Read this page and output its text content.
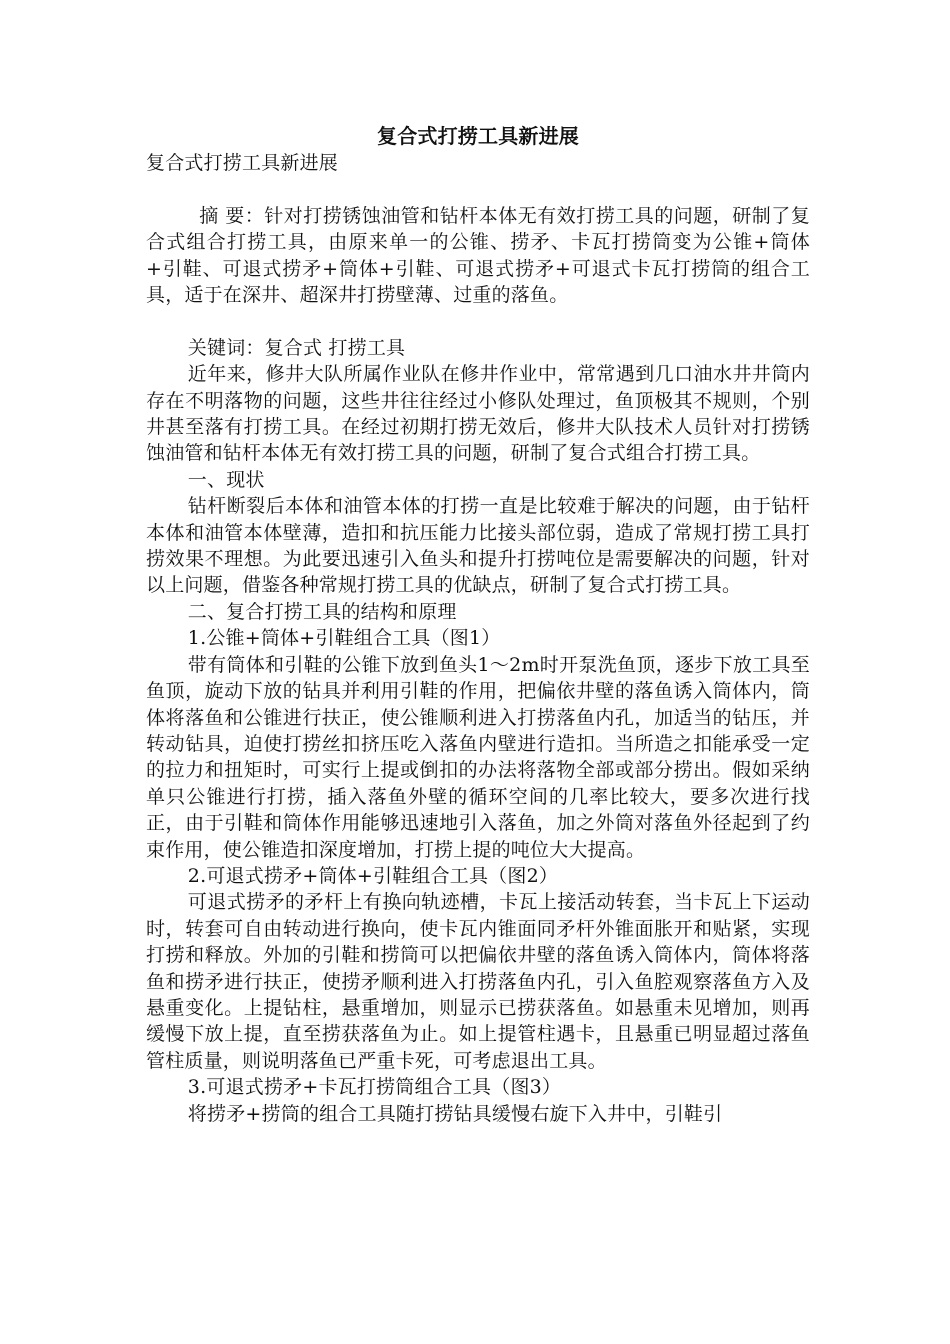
复合式打捞工具新进展

复合式打捞工具新进展

摘 要：针对打捞锈蚀油管和钻杆本体无有效打捞工具的问题，研制了复合式组合打捞工具，由原来单一的公锥、捞矛、卡瓦打捞筒变为公锥+筒体+引鞋、可退式捞矛+筒体+引鞋、可退式捞矛+可退式卡瓦打捞筒的组合工具，适于在深井、超深井打捞壁薄、过重的落鱼。

关键词：复合式 打捞工具

近年来，修井大队所属作业队在修井作业中，常常遇到几口油水井井筒内存在不明落物的问题，这些井往往经过小修队处理过，鱼顶极其不规则，个别井甚至落有打捞工具。在经过初期打捞无效后，修井大队技术人员针对打捞锈蚀油管和钻杆本体无有效打捞工具的问题，研制了复合式组合打捞工具。

一、现状

钻杆断裂后本体和油管本体的打捞一直是比较难于解决的问题，由于钻杆本体和油管本体壁薄，造扣和抗压能力比接头部位弱，造成了常规打捞工具打捞效果不理想。为此要迅速引入鱼头和提升打捞吨位是需要解决的问题，针对以上问题，借鉴各种常规打捞工具的优缺点，研制了复合式打捞工具。

二、复合打捞工具的结构和原理

1.公锥+筒体+引鞋组合工具（图1）

带有筒体和引鞋的公锥下放到鱼头1～2m时开泵洗鱼顶，逐步下放工具至鱼顶，旋动下放的钻具并利用引鞋的作用，把偏依井壁的落鱼诱入筒体内，筒体将落鱼和公锥进行扶正，使公锥顺利进入打捞落鱼内孔，加适当的钻压，并转动钻具，迫使打捞丝扣挤压吃入落鱼内壁进行造扣。当所造之扣能承受一定的拉力和扭矩时，可实行上提或倒扣的办法将落物全部或部分捞出。假如采纳单只公锥进行打捞，插入落鱼外壁的循环空间的几率比较大，要多次进行找正，由于引鞋和筒体作用能够迅速地引入落鱼，加之外筒对落鱼外径起到了约束作用，使公锥造扣深度增加，打捞上提的吨位大大提高。

2.可退式捞矛+筒体+引鞋组合工具（图2）

可退式捞矛的矛杆上有换向轨迹槽，卡瓦上接活动转套，当卡瓦上下运动时，转套可自由转动进行换向，使卡瓦内锥面同矛杆外锥面胀开和贴紧，实现打捞和释放。外加的引鞋和捞筒可以把偏依井壁的落鱼诱入筒体内，筒体将落鱼和捞矛进行扶正，使捞矛顺利进入打捞落鱼内孔，引入鱼腔观察落鱼方入及悬重变化。上提钻柱，悬重增加，则显示已捞获落鱼。如悬重未见增加，则再缓慢下放上提，直至捞获落鱼为止。如上提管柱遇卡，且悬重已明显超过落鱼管柱质量，则说明落鱼已严重卡死，可考虑退出工具。

3.可退式捞矛+卡瓦打捞筒组合工具（图3）

将捞矛+捞筒的组合工具随打捞钻具缓慢右旋下入井中，引鞋引
